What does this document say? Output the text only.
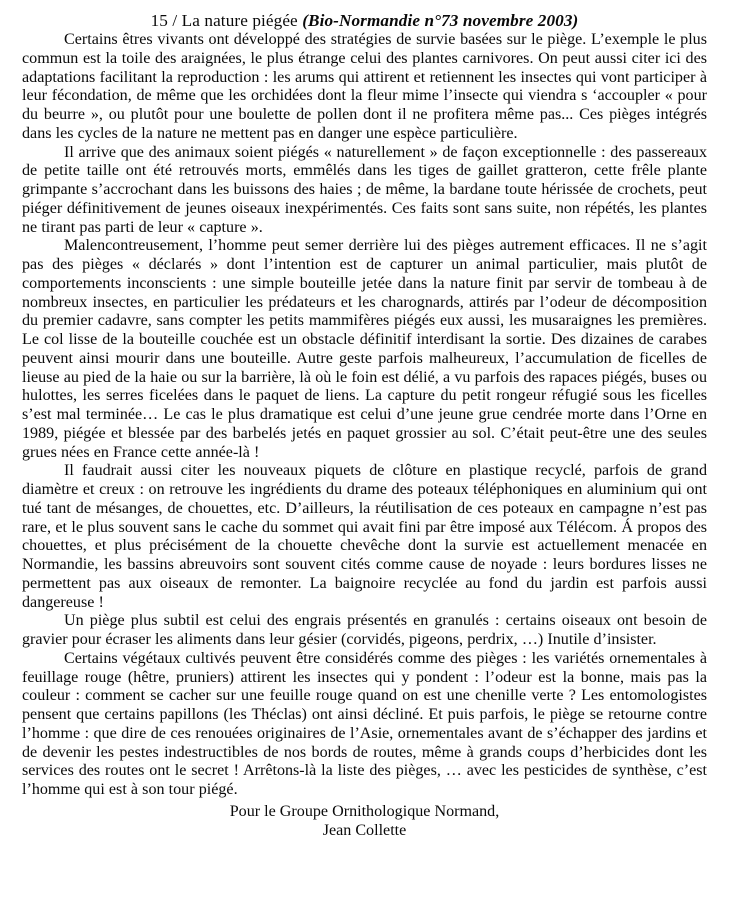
15 / La nature piégée (Bio-Normandie n°73 novembre 2003)

Certains êtres vivants ont développé des stratégies de survie basées sur le piège. L’exemple le plus commun est la toile des araignées, le plus étrange celui des plantes carnivores. On peut aussi citer ici des adaptations facilitant la reproduction : les arums qui attirent et retiennent les insectes qui vont participer à leur fécondation, de même que les orchidées dont la fleur mime l’insecte qui viendra s ‘accoupler « pour du beurre », ou plutôt pour une boulette de pollen dont il ne profitera même pas... Ces pièges intégrés dans les cycles de la nature ne mettent pas en danger une espèce particulière.

Il arrive que des animaux soient piégés « naturellement » de façon exceptionnelle : des passereaux de petite taille ont été retrouvés morts, emmêlés dans les tiges de gaillet gratteron, cette frêle plante grimpante s’accrochant dans les buissons des haies ; de même, la bardane toute hérissée de crochets, peut piéger définitivement de jeunes oiseaux inexpérimentés. Ces faits sont sans suite, non répétés, les plantes ne tirant pas parti de leur « capture ».

Malencontreusement, l’homme peut semer derrière lui des pièges autrement efficaces. Il ne s’agit pas des pièges « déclarés » dont l’intention est de capturer un animal particulier, mais plutôt de comportements inconscients : une simple bouteille jetée dans la nature finit par servir de tombeau à de nombreux insectes, en particulier les prédateurs et les charognards, attirés par l’odeur de décomposition du premier cadavre, sans compter les petits mammifères piégés eux aussi, les musaraignes les premières. Le col lisse de la bouteille couchée est un obstacle définitif interdisant la sortie. Des dizaines de carabes peuvent ainsi mourir dans une bouteille. Autre geste parfois malheureux, l’accumulation de ficelles de lieuse au pied de la haie ou sur la barrière, là où le foin est délié, a vu parfois des rapaces piégés, buses ou hulottes, les serres ficelées dans le paquet de liens. La capture du petit rongeur réfugié sous les ficelles s’est mal terminée… Le cas le plus dramatique est celui d’une jeune grue cendrée morte dans l’Orne en 1989, piégée et blessée par des barbelés jetés en paquet grossier au sol. C’était peut-être une des seules grues nées en France cette année-là !

Il faudrait aussi citer les nouveaux piquets de clôture en plastique recyclé, parfois de grand diamètre et creux : on retrouve les ingrédients du drame des poteaux téléphoniques en aluminium qui ont tué tant de mésanges, de chouettes, etc. D’ailleurs, la réutilisation de ces poteaux en campagne n’est pas rare, et le plus souvent sans le cache du sommet qui avait fini par être imposé aux Télécom. Á propos des chouettes, et plus précisément de la chouette chevêche dont la survie est actuellement menacée en Normandie, les bassins abreuvoirs sont souvent cités comme cause de noyade : leurs bordures lisses ne permettent pas aux oiseaux de remonter. La baignoire recyclée au fond du jardin est parfois aussi dangereuse !

Un piège plus subtil est celui des engrais présentés en granulés : certains oiseaux ont besoin de gravier pour écraser les aliments dans leur gésier (corvidés, pigeons, perdrix, …) Inutile d’insister.

Certains végétaux cultivés peuvent être considérés comme des pièges : les variétés ornementales à feuillage rouge (hêtre, pruniers) attirent les insectes qui y pondent : l’odeur est la bonne, mais pas la couleur : comment se cacher sur une feuille rouge quand on est une chenille verte ? Les entomologistes pensent que certains papillons (les Théclas) ont ainsi décliné. Et puis parfois, le piège se retourne contre l’homme : que dire de ces renouées originaires de l’Asie, ornementales avant de s’échapper des jardins et de devenir les pestes indestructibles de nos bords de routes, même à grands coups d’herbicides dont les services des routes ont le secret ! Arrêtons-là la liste des pièges, … avec les pesticides de synthèse, c’est l’homme qui est à son tour piégé.

Pour le Groupe Ornithologique Normand,
Jean Collette
